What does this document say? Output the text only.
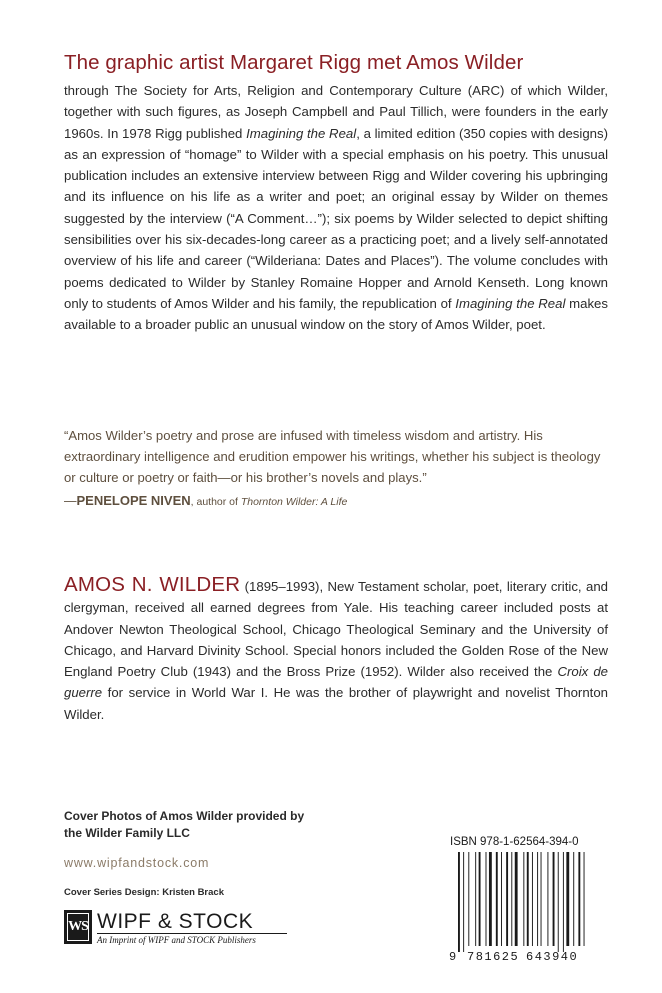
The graphic artist Margaret Rigg met Amos Wilder

through The Society for Arts, Religion and Contemporary Culture (ARC) of which Wilder, together with such figures, as Joseph Campbell and Paul Tillich, were founders in the early 1960s. In 1978 Rigg published

Imagining the Real

, a limited edition (350 copies with designs) as an expression of “homage” to Wilder with a special emphasis on his poetry. This unusual publication includes an extensive interview between Rigg and Wilder covering his upbringing and its influence on his life as a writer and poet; an original essay by Wilder on themes suggested by the interview (“A Comment…”); six poems by Wilder selected to depict shifting sensibilities over his six-decades-long career as a practicing poet; and a lively self-annotated overview of his life and career (“Wilderiana: Dates and Places”). The volume concludes with poems dedicated to Wilder by Stanley Romaine Hopper and Arnold Kenseth. Long known only to students of Amos Wilder and his family, the republication of

Imagining the Real

makes available to a broader public an unusual window on the story of Amos Wilder, poet.

“Amos Wilder’s poetry and prose are infused with timeless wisdom and artistry. His extraordinary intelligence and erudition empower his writings, whether his subject is theology or culture or poetry or faith—or his brother’s novels and plays.”
—PENELOPE NIVEN, author of Thornton Wilder: A Life
AMOS N. WILDER

(1895–1993), New Testament scholar, poet, literary critic, and clergyman, received all earned degrees from Yale. His teaching career included posts at Andover Newton Theological School, Chicago Theological Seminary and the University of Chicago, and Harvard Divinity School. Special honors included the Golden Rose of the New England Poetry Club (1943) and the Bross Prize (1952). Wilder also received the

Croix de guerre

for service in World War I. He was the brother of playwright and novelist Thornton Wilder.

Cover Photos of Amos Wilder provided by the Wilder Family LLC
www.wipfandstock.com
Cover Series Design: Kristen Brack
WS WIPF & STOCK
An Imprint of WIPF and STOCK Publishers
ISBN 978-1-62564-394-0
9 781625 643940
